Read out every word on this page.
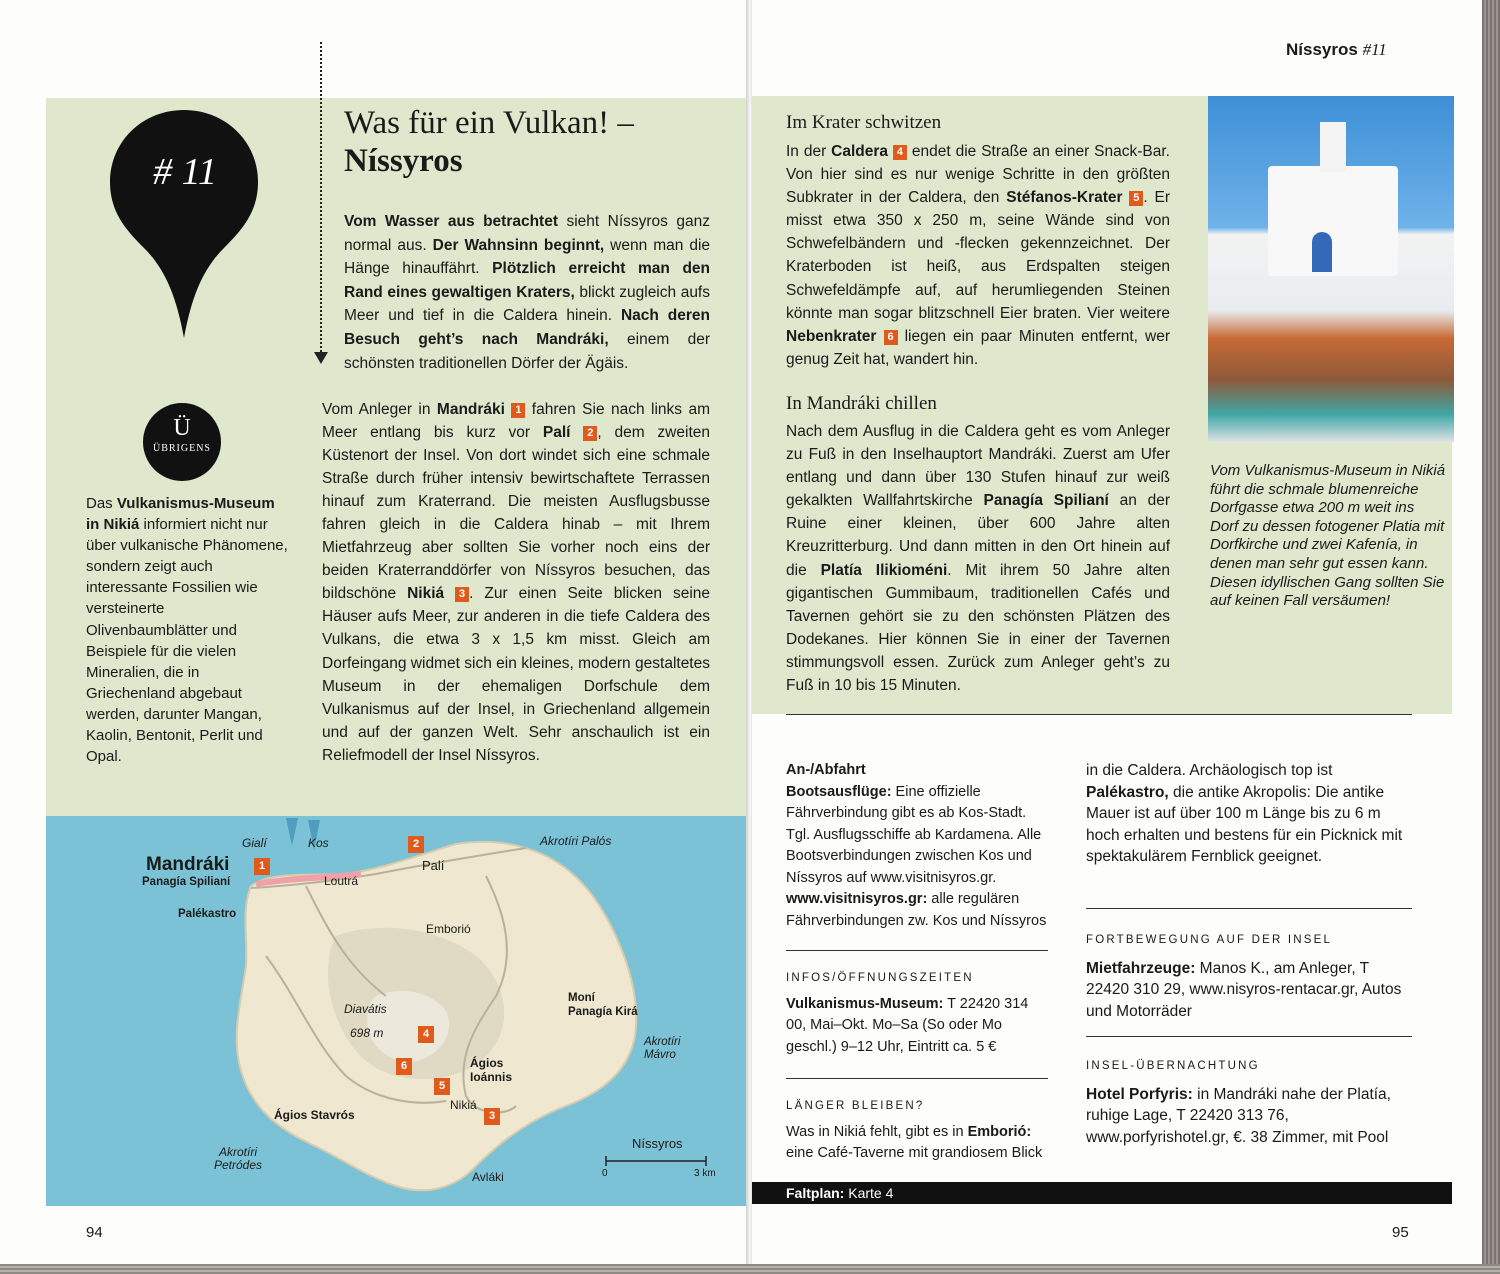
# 11
Was für ein Vulkan! –
Níssyros
Vom Wasser aus betrachtet sieht Níssyros ganz normal aus. Der Wahnsinn beginnt, wenn man die Hänge hinauffährt. Plötzlich erreicht man den Rand eines gewaltigen Kraters, blickt zugleich aufs Meer und tief in die Caldera hinein. Nach deren Besuch geht’s nach Mandráki, einem der schönsten traditionellen Dörfer der Ägäis.
Ü
ÜBRIGENS
Das Vulkanismus-Museum in Nikiá informiert nicht nur über vulkanische Phänomene, sondern zeigt auch interessante Fossilien wie versteinerte Olivenbaumblätter und Beispiele für die vielen Mineralien, die in Griechenland abgebaut werden, darunter Mangan, Kaolin, Bentonit, Perlit und Opal.
Vom Anleger in Mandráki 1 fahren Sie nach links am Meer entlang bis kurz vor Palí 2 , dem zweiten Küstenort der Insel. Von dort windet sich eine schmale Straße durch früher intensiv bewirtschaftete Terrassen hinauf zum Kraterrand. Die meisten Ausflugsbusse fahren gleich in die Caldera hinab – mit Ihrem Mietfahrzeug aber sollten Sie vorher noch eins der beiden Kraterranddörfer von Níssyros besuchen, das bildschöne Nikiá 3 . Zur einen Seite blicken seine Häuser aufs Meer, zur anderen in die tiefe Caldera des Vulkans, die etwa 3 x 1,5 km misst. Gleich am Dorfeingang widmet sich ein kleines, modern gestaltetes Museum in der ehemaligen Dorfschule dem Vulkanismus auf der Insel, in Griechenland allgemein und auf der ganzen Welt. Sehr anschaulich ist ein Reliefmodell der Insel Níssyros.
1
2
3
4
5
6
Gialí	Kos	Akrotíri Palós
Mandráki
Panagía Spilianí
Palí
Loutrá
Palékastro
Emborió
Diavátis
698 m
Moní
Panagía Kirá
Akrotíri Mávro
Ágios Ioánnis
Nikiá
Ágios Stavrós
Akrotíri Petródes
Avláki
Níssyros
0	3 km
94
Níssyros #11
Im Krater schwitzen
In der Caldera 4 endet die Straße an einer Snack-Bar. Von hier sind es nur wenige Schritte in den größten Subkrater in der Caldera, den Stéfanos-Krater 5 . Er misst etwa 350 x 250 m, seine Wände sind von Schwefelbändern und -flecken gekennzeichnet. Der Kraterboden ist heiß, aus Erdspalten steigen Schwefeldämpfe auf, auf herumliegenden Steinen könnte man sogar blitzschnell Eier braten. Vier weitere Nebenkrater 6 liegen ein paar Minuten entfernt, wer genug Zeit hat, wandert hin.
In Mandráki chillen
Nach dem Ausflug in die Caldera geht es vom Anleger zu Fuß in den Inselhauptort Mandráki. Zuerst am Ufer entlang und dann über 130 Stufen hinauf zur weiß gekalkten Wallfahrtskirche Panagía Spilianí an der Ruine einer kleinen, über 600 Jahre alten Kreuzritterburg. Und dann mitten in den Ort hinein auf die Platía Ilikioméni. Mit ihrem 50 Jahre alten gigantischen Gummibaum, traditionellen Cafés und Tavernen gehört sie zu den schönsten Plätzen des Dodekanes. Hier können Sie in einer der Tavernen stimmungsvoll essen. Zurück zum Anleger geht’s zu Fuß in 10 bis 15 Minuten.
Vom Vulkanismus-Museum in Nikiá führt die schmale blumenreiche Dorfgasse etwa 200 m weit ins Dorf zu dessen fotogener Platia mit Dorfkirche und zwei Kafenía, in denen man sehr gut essen kann. Diesen idyllischen Gang sollten Sie auf keinen Fall versäumen!
An-/Abfahrt
Bootsausflüge: Eine offizielle Fährverbindung gibt es ab Kos-Stadt. Tgl. Ausflugsschiffe ab Kardamena. Alle Bootsverbindungen zwischen Kos und Níssyros auf www.visitnisyros.gr.
www.visitnisyros.gr: alle regulären Fährverbindungen zw. Kos und Níssyros
INFOS/ÖFFNUNGSZEITEN
Vulkanismus-Museum: T 22420 314 00, Mai–Okt. Mo–Sa (So oder Mo geschl.) 9–12 Uhr, Eintritt ca. 5 €
LÄNGER BLEIBEN?
Was in Nikiá fehlt, gibt es in Emborió: eine Café-Taverne mit grandiosem Blick
in die Caldera. Archäologisch top ist Palékastro, die antike Akropolis: Die antike Mauer ist auf über 100 m Länge bis zu 6 m hoch erhalten und bestens für ein Picknick mit spektakulärem Fernblick geeignet.
FORTBEWEGUNG AUF DER INSEL
Mietfahrzeuge: Manos K., am Anleger, T 22420 310 29, www.nisyros-rentacar.gr, Autos und Motorräder
INSEL-ÜBERNACHTUNG
Hotel Porfyris: in Mandráki nahe der Platía, ruhige Lage, T 22420 313 76, www.porfyrishotel.gr, €. 38 Zimmer, mit Pool
Faltplan: Karte 4
95
